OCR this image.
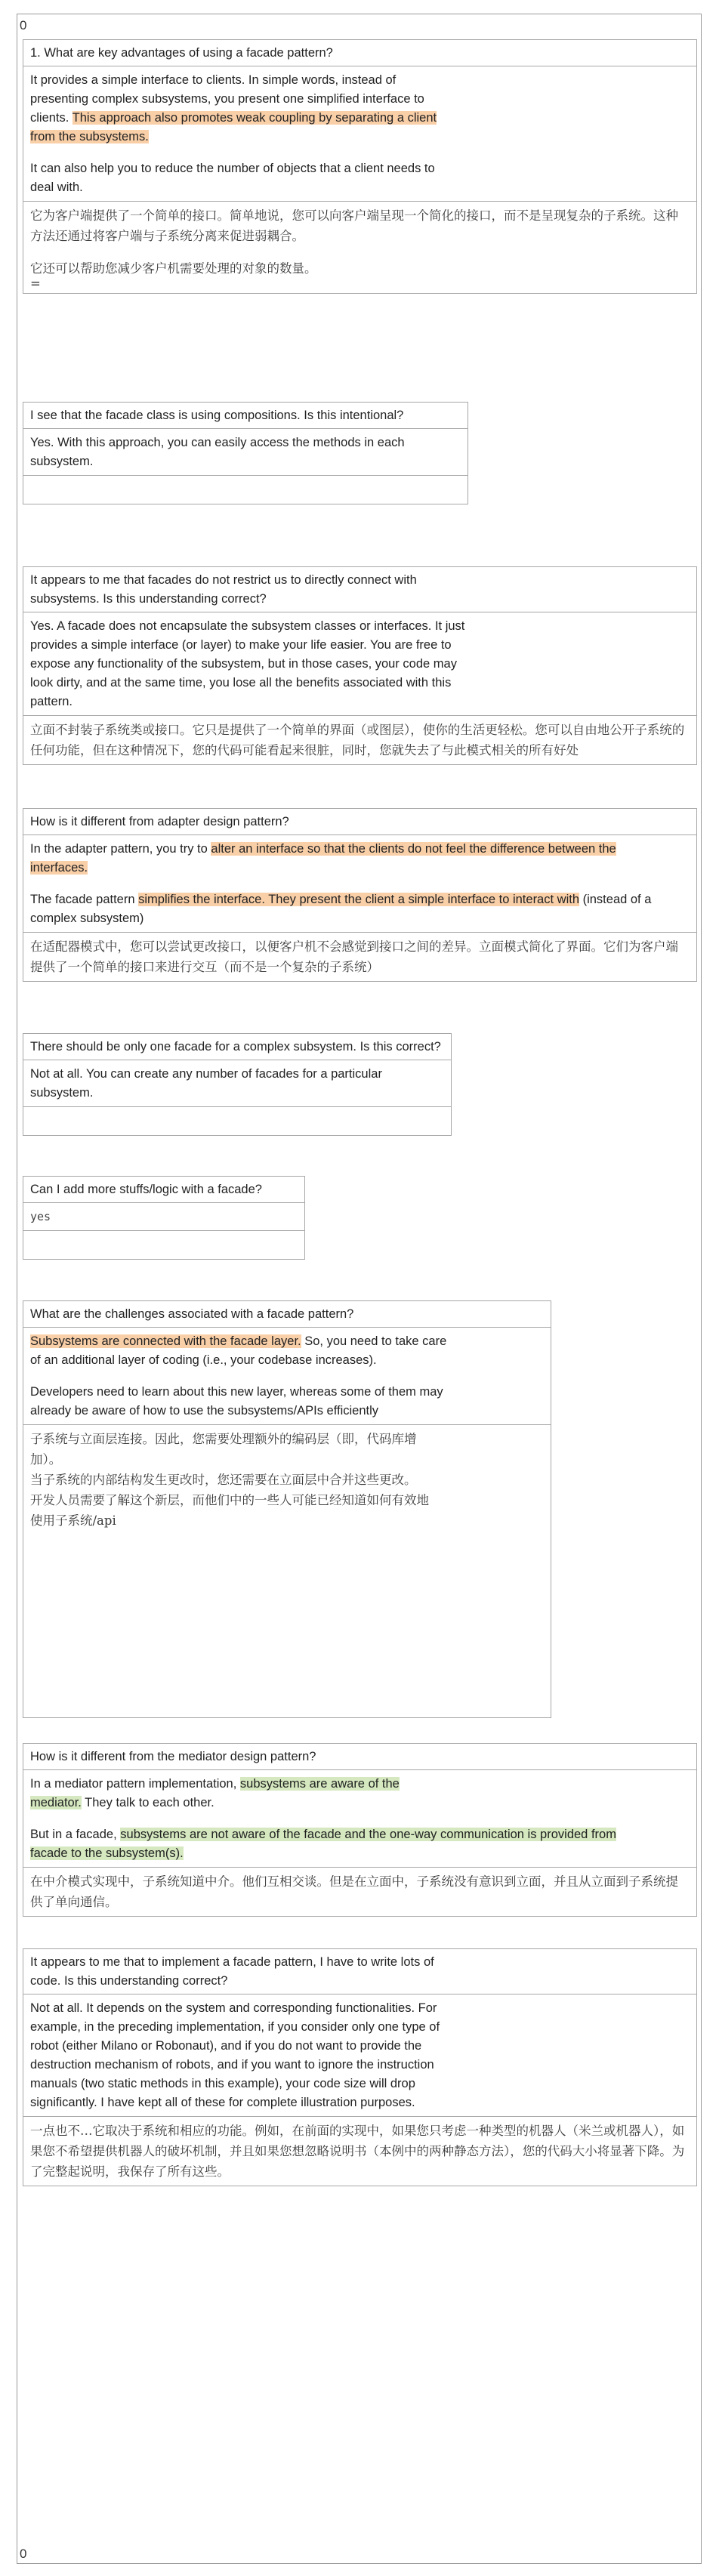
0
1. What are key advantages of using a facade pattern?
It provides a simple interface to clients. In simple words, instead of presenting complex subsystems, you present one simplified interface to clients. This approach also promotes weak coupling by separating a client from the subsystems.
It can also help you to reduce the number of objects that a client needs to deal with.
它为客户端提供了一个简单的接口。简单地说，您可以向客户端呈现一个简化的接口，而不是呈现复杂的子系统。这种方法还通过将客户端与子系统分离来促进弱耦合。
它还可以帮助您减少客户机需要处理的对象的数量。
=
I see that the facade class is using compositions. Is this intentional?
Yes. With this approach, you can easily access the methods in each subsystem.
It appears to me that facades do not restrict us to directly connect with subsystems. Is this understanding correct?
Yes. A facade does not encapsulate the subsystem classes or interfaces. It just provides a simple interface (or layer) to make your life easier. You are free to expose any functionality of the subsystem, but in those cases, your code may look dirty, and at the same time, you lose all the benefits associated with this pattern.
立面不封装子系统类或接口。它只是提供了一个简单的界面（或图层），使你的生活更轻松。您可以自由地公开子系统的任何功能，但在这种情况下，您的代码可能看起来很脏，同时，您就失去了与此模式相关的所有好处
How is it different from adapter design pattern?
In the adapter pattern, you try to alter an interface so that the clients do not feel the difference between the interfaces.
The facade pattern simplifies the interface. They present the client a simple interface to interact with (instead of a complex subsystem)
在适配器模式中，您可以尝试更改接口，以便客户机不会感觉到接口之间的差异。立面模式简化了界面。它们为客户端提供了一个简单的接口来进行交互（而不是一个复杂的子系统）
There should be only one facade for a complex subsystem. Is this correct?
Not at all. You can create any number of facades for a particular subsystem.
Can I add more stuffs/logic with a facade?
yes
What are the challenges associated with a facade pattern?
Subsystems are connected with the facade layer. So, you need to take care of an additional layer of coding (i.e., your codebase increases).
Developers need to learn about this new layer, whereas some of them may already be aware of how to use the subsystems/APIs efficiently
子系统与立面层连接。因此，您需要处理额外的编码层（即，代码库增加）。
当子系统的内部结构发生更改时，您还需要在立面层中合并这些更改。
开发人员需要了解这个新层，而他们中的一些人可能已经知道如何有效地使用子系统/api
How is it different from the mediator design pattern?
In a mediator pattern implementation, subsystems are aware of the mediator. They talk to each other.
But in a facade, subsystems are not aware of the facade and the one-way communication is provided from facade to the subsystem(s).
在中介模式实现中，子系统知道中介。他们互相交谈。但是在立面中，子系统没有意识到立面，并且从立面到子系统提供了单向通信。
It appears to me that to implement a facade pattern, I have to write lots of code. Is this understanding correct?
Not at all. It depends on the system and corresponding functionalities. For example, in the preceding implementation, if you consider only one type of robot (either Milano or Robonaut), and if you do not want to provide the destruction mechanism of robots, and if you want to ignore the instruction manuals (two static methods in this example), your code size will drop significantly. I have kept all of these for complete illustration purposes.
一点也不…它取决于系统和相应的功能。例如，在前面的实现中，如果您只考虑一种类型的机器人（米兰或机器人），如果您不希望提供机器人的破坏机制，并且如果您想忽略说明书（本例中的两种静态方法），您的代码大小将显著下降。为了完整起说明，我保存了所有这些。
0
